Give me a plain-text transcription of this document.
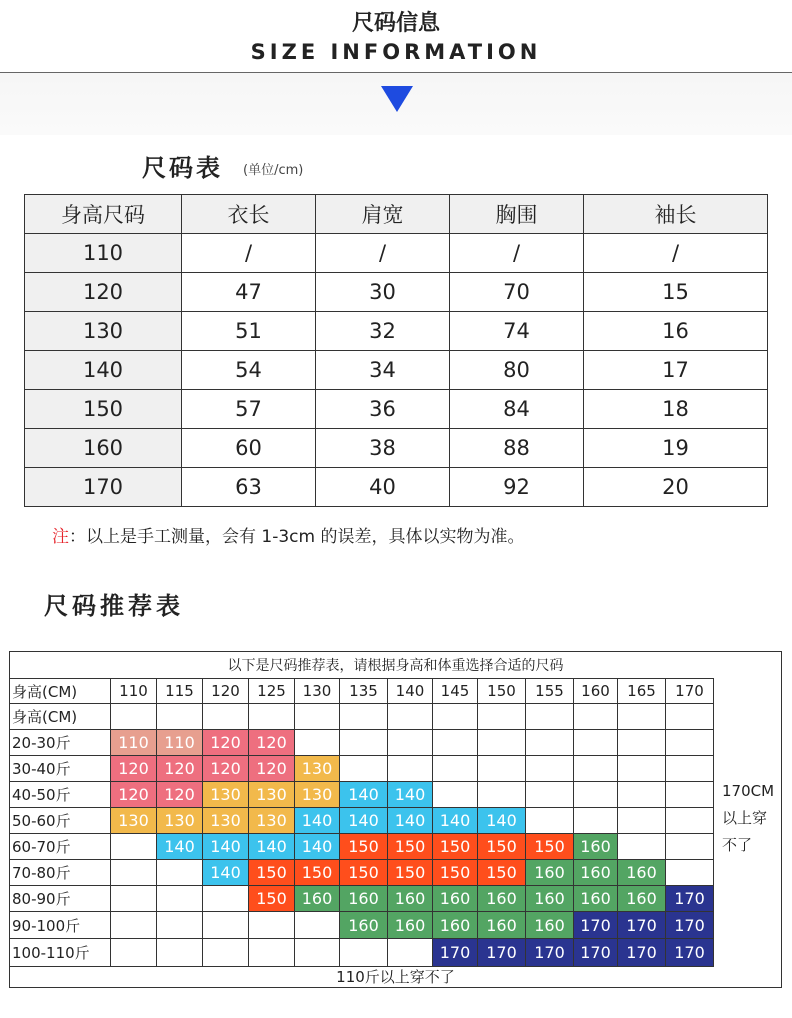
尺码信息
SIZE INFORMATION
尺码表 (单位/cm)
身高尺码	衣长	肩宽	胸围	袖长
110	/	/	/	/
120	47	30	70	15
130	51	32	74	16
140	54	34	80	17
150	57	36	84	18
160	60	38	88	19
170	63	40	92	20
注：以上是手工测量，会有 1-3cm 的误差，具体以实物为准。
尺码推荐表
以下是尺码推荐表，请根据身高和体重选择合适的尺码
身高(CM)	110	115	120	125	130	135	140	145	150	155	160	165	170
身高(CM)													
20-30斤	110	110	120	120									
30-40斤	120	120	120	120	130								
40-50斤	120	120	130	130	130	140	140						
50-60斤	130	130	130	130	140	140	140	140	140				
60-70斤		140	140	140	140	150	150	150	150	150	160		
70-80斤			140	150	150	150	150	150	150	160	160	160	
80-90斤				150	160	160	160	160	160	160	160	160	170
90-100斤						160	160	160	160	160	170	170	170
100-110斤								170	170	170	170	170	170
170CM
以上穿
不了
110斤以上穿不了
